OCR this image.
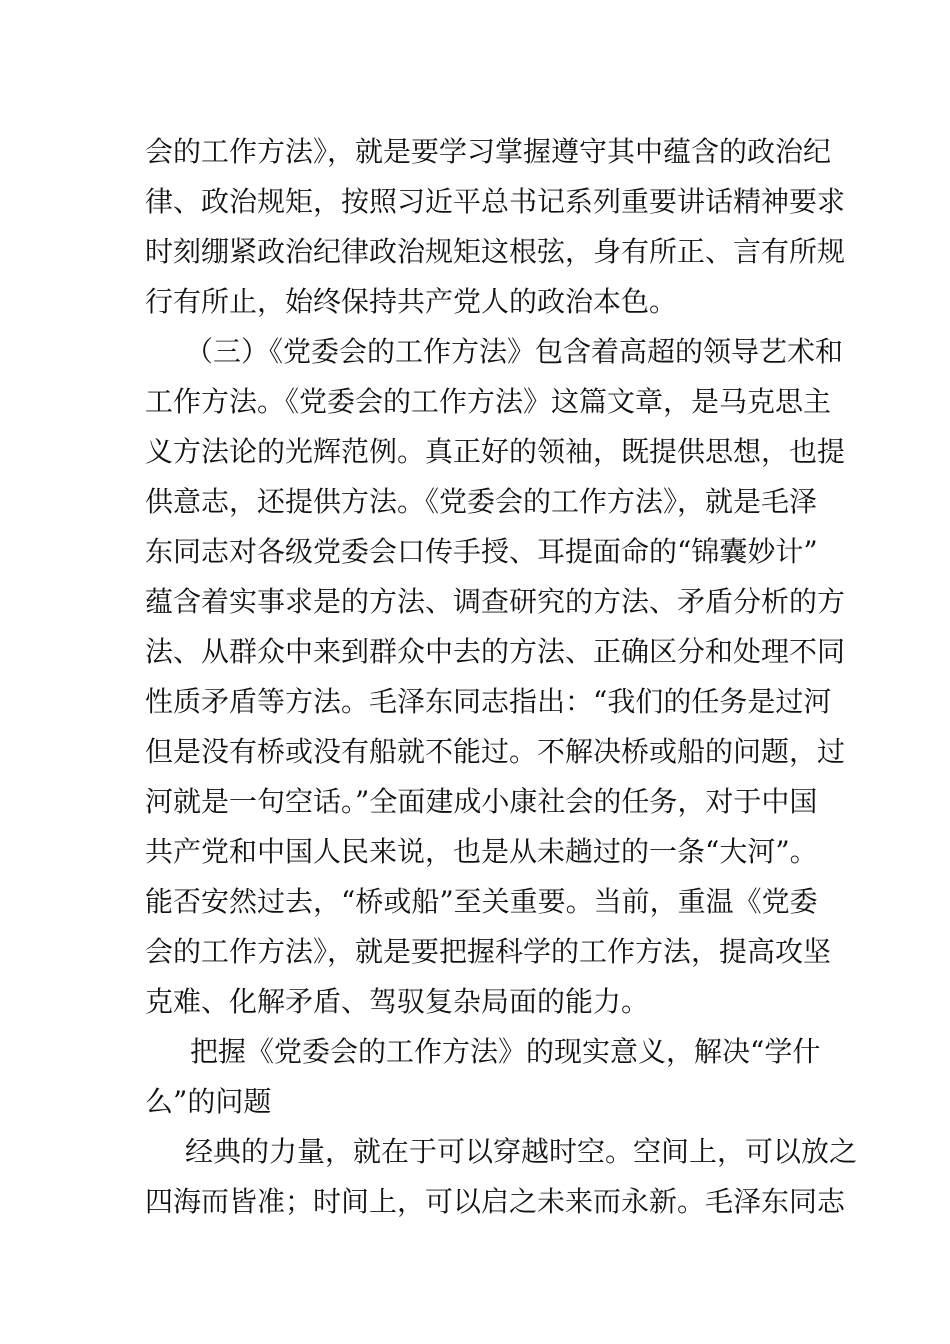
会的工作方法》，就是要学习掌握遵守其中蕴含的政治纪
律、政治规矩，按照习近平总书记系列重要讲话精神要求
时刻绷紧政治纪律政治规矩这根弦，身有所正、言有所规
行有所止，始终保持共产党人的政治本色。
（三）《党委会的工作方法》包含着高超的领导艺术和
工作方法。《党委会的工作方法》这篇文章，是马克思主
义方法论的光辉范例。真正好的领袖，既提供思想，也提
供意志，还提供方法。《党委会的工作方法》，就是毛泽
东同志对各级党委会口传手授、耳提面命的“锦囊妙计”
蕴含着实事求是的方法、调查研究的方法、矛盾分析的方
法、从群众中来到群众中去的方法、正确区分和处理不同
性质矛盾等方法。毛泽东同志指出：“我们的任务是过河
但是没有桥或没有船就不能过。不解决桥或船的问题，过
河就是一句空话。”全面建成小康社会的任务，对于中国
共产党和中国人民来说，也是从未趟过的一条“大河”。
能否安然过去，“桥或船”至关重要。当前，重温《党委
会的工作方法》，就是要把握科学的工作方法，提高攻坚
克难、化解矛盾、驾驭复杂局面的能力。
把握《党委会的工作方法》的现实意义，解决“学什
么”的问题
经典的力量，就在于可以穿越时空。空间上，可以放之
四海而皆准；时间上，可以启之未来而永新。毛泽东同志
